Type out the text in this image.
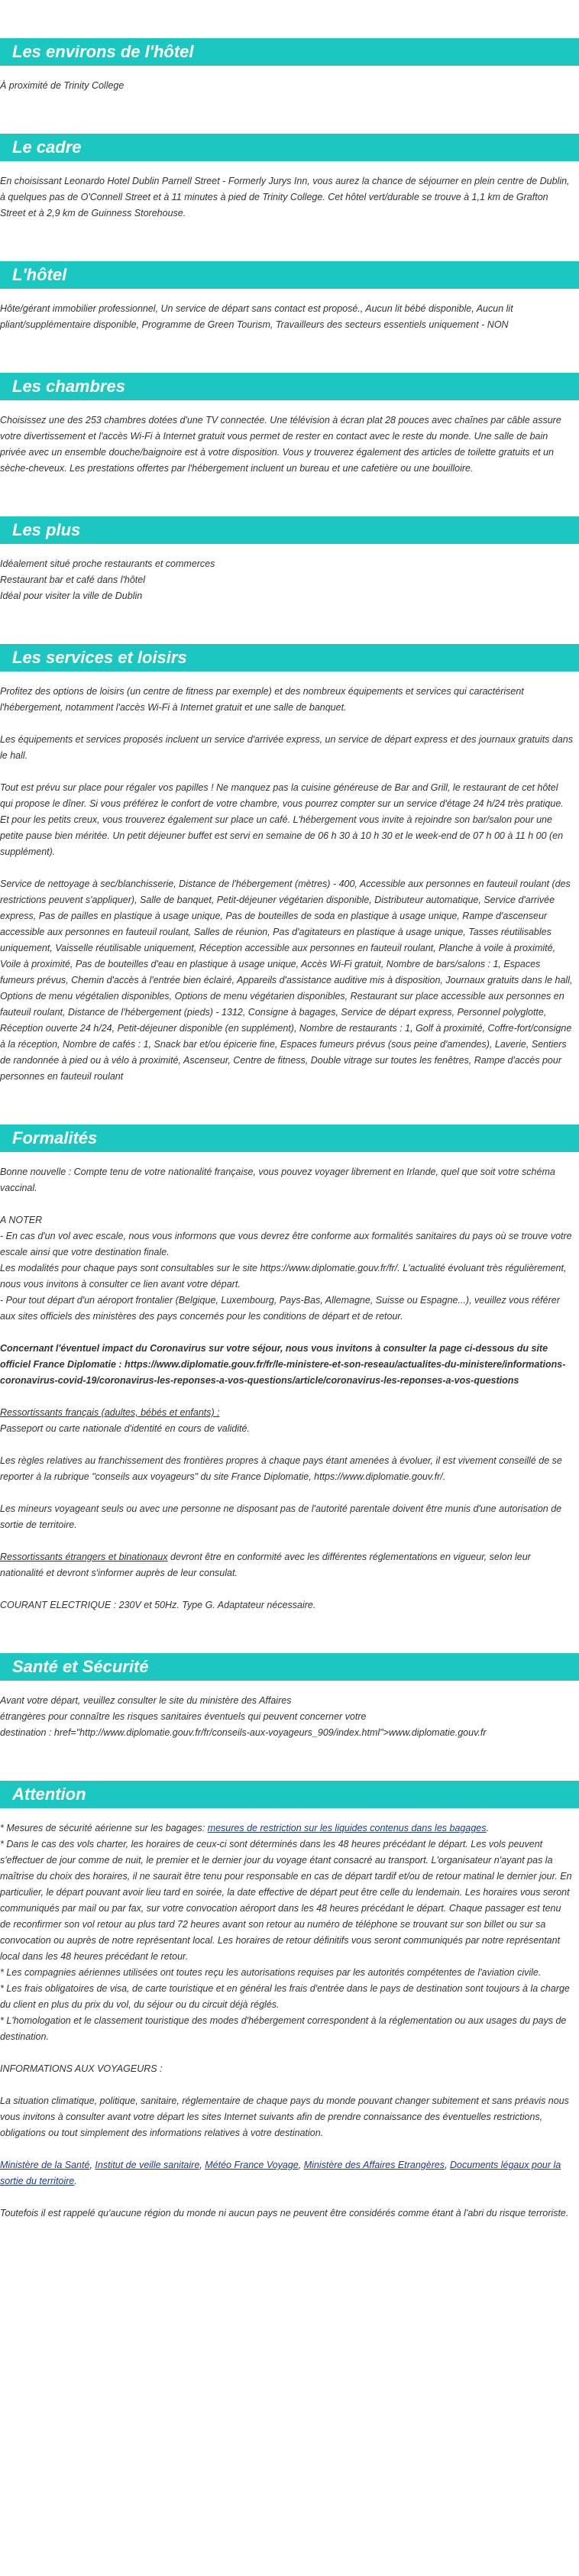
Les environs de l'hôtel

À proximité de Trinity College

Le cadre

En choisissant Leonardo Hotel Dublin Parnell Street - Formerly Jurys Inn, vous aurez la chance de séjourner en plein centre de Dublin, à quelques pas de O'Connell Street et à 11 minutes à pied de Trinity College. Cet hôtel vert/durable se trouve à 1,1 km de Grafton Street et à 2,9 km de Guinness Storehouse.

L'hôtel

Hôte/gérant immobilier professionnel, Un service de départ sans contact est proposé., Aucun lit bébé disponible, Aucun lit pliant/supplémentaire disponible, Programme de Green Tourism, Travailleurs des secteurs essentiels uniquement - NON

Les chambres

Choisissez une des 253 chambres dotées d'une TV connectée. Une télévision à écran plat 28 pouces avec chaînes par câble assure votre divertissement et l'accès Wi-Fi à Internet gratuit vous permet de rester en contact avec le reste du monde. Une salle de bain privée avec un ensemble douche/baignoire est à votre disposition. Vous y trouverez également des articles de toilette gratuits et un sèche-cheveux. Les prestations offertes par l'hébergement incluent un bureau et une cafetière ou une bouilloire.

Les plus
Idéalement situé proche restaurants et commerces
Restaurant bar et café dans l'hôtel
Idéal pour visiter la ville de Dublin
Les services et loisirs

Profitez des options de loisirs (un centre de fitness par exemple) et des nombreux équipements et services qui caractérisent l'hébergement, notamment l'accès Wi-Fi à Internet gratuit et une salle de banquet.

Les équipements et services proposés incluent un service d'arrivée express, un service de départ express et des journaux gratuits dans le hall.

Tout est prévu sur place pour régaler vos papilles ! Ne manquez pas la cuisine généreuse de Bar and Grill, le restaurant de cet hôtel qui propose le dîner. Si vous préférez le confort de votre chambre, vous pourrez compter sur un service d'étage 24 h/24 très pratique. Et pour les petits creux, vous trouverez également sur place un café. L'hébergement vous invite à rejoindre son bar/salon pour une petite pause bien méritée. Un petit déjeuner buffet est servi en semaine de 06 h 30 à 10 h 30 et le week-end de 07 h 00 à 11 h 00 (en supplément).

Service de nettoyage à sec/blanchisserie, Distance de l'hébergement (mètres) - 400, Accessible aux personnes en fauteuil roulant (des restrictions peuvent s'appliquer), Salle de banquet, Petit-déjeuner végétarien disponible, Distributeur automatique, Service d'arrivée express, Pas de pailles en plastique à usage unique, Pas de bouteilles de soda en plastique à usage unique, Rampe d'ascenseur accessible aux personnes en fauteuil roulant, Salles de réunion, Pas d'agitateurs en plastique à usage unique, Tasses réutilisables uniquement, Vaisselle réutilisable uniquement, Réception accessible aux personnes en fauteuil roulant, Planche à voile à proximité, Voile à proximité, Pas de bouteilles d'eau en plastique à usage unique, Accès Wi-Fi gratuit, Nombre de bars/salons : 1, Espaces fumeurs prévus, Chemin d'accès à l'entrée bien éclairé, Appareils d'assistance auditive mis à disposition, Journaux gratuits dans le hall, Options de menu végétalien disponibles, Options de menu végétarien disponibles, Restaurant sur place accessible aux personnes en fauteuil roulant, Distance de l'hébergement (pieds) - 1312, Consigne à bagages, Service de départ express, Personnel polyglotte, Réception ouverte 24 h/24, Petit-déjeuner disponible (en supplément), Nombre de restaurants : 1, Golf à proximité, Coffre-fort/consigne à la réception, Nombre de cafés : 1, Snack bar et/ou épicerie fine, Espaces fumeurs prévus (sous peine d'amendes), Laverie, Sentiers de randonnée à pied ou à vélo à proximité, Ascenseur, Centre de fitness, Double vitrage sur toutes les fenêtres, Rampe d'accès pour personnes en fauteuil roulant

Formalités

Bonne nouvelle : Compte tenu de votre nationalité française, vous pouvez voyager librement en Irlande, quel que soit votre schéma vaccinal.

A NOTER
- En cas d'un vol avec escale, nous vous informons que vous devrez être conforme aux formalités sanitaires du pays où se trouve votre escale ainsi que votre destination finale.
Les modalités pour chaque pays sont consultables sur le site https://www.diplomatie.gouv.fr/fr/. L'actualité évoluant très régulièrement, nous vous invitons à consulter ce lien avant votre départ.
- Pour tout départ d'un aéroport frontalier (Belgique, Luxembourg, Pays-Bas, Allemagne, Suisse ou Espagne...), veuillez vous référer aux sites officiels des ministères des pays concernés pour les conditions de départ et de retour.

Concernant l'éventuel impact du Coronavirus sur votre séjour, nous vous invitons à consulter la page ci-dessous du site officiel France Diplomatie : https://www.diplomatie.gouv.fr/fr/le-ministere-et-son-reseau/actualites-du-ministere/informations-coronavirus-covid-19/coronavirus-les-reponses-a-vos-questions/article/coronavirus-les-reponses-a-vos-questions

Ressortissants français (adultes, bébés et enfants) :
Passeport ou carte nationale d'identité en cours de validité.

Les règles relatives au franchissement des frontières propres à chaque pays étant amenées à évoluer, il est vivement conseillé de se reporter à la rubrique "conseils aux voyageurs" du site France Diplomatie, https://www.diplomatie.gouv.fr/.

Les mineurs voyageant seuls ou avec une personne ne disposant pas de l'autorité parentale doivent être munis d'une autorisation de sortie de territoire.

Ressortissants étrangers et binationaux devront être en conformité avec les différentes réglementations en vigueur, selon leur nationalité et devront s'informer auprès de leur consulat.

COURANT ELECTRIQUE : 230V et 50Hz. Type G. Adaptateur nécessaire.

Santé et Sécurité
Avant votre départ, veuillez consulter le site du ministère des Affaires
étrangères pour connaître les risques sanitaires éventuels qui peuvent concerner votre
destination : href="http://www.diplomatie.gouv.fr/fr/conseils-aux-voyageurs_909/index.html">www.diplomatie.gouv.fr
Attention

* Mesures de sécurité aérienne sur les bagages: mesures de restriction sur les liquides contenus dans les bagages.
* Dans le cas des vols charter, les horaires de ceux-ci sont déterminés dans les 48 heures précédant le départ. Les vols peuvent s'effectuer de jour comme de nuit, le premier et le dernier jour du voyage étant consacré au transport. L'organisateur n'ayant pas la maîtrise du choix des horaires, il ne saurait être tenu pour responsable en cas de départ tardif et/ou de retour matinal le dernier jour. En particulier, le départ pouvant avoir lieu tard en soirée, la date effective de départ peut être celle du lendemain. Les horaires vous seront communiqués par mail ou par fax, sur votre convocation aéroport dans les 48 heures précédant le départ. Chaque passager est tenu de reconfirmer son vol retour au plus tard 72 heures avant son retour au numéro de téléphone se trouvant sur son billet ou sur sa convocation ou auprès de notre représentant local. Les horaires de retour définitifs vous seront communiqués par notre représentant local dans les 48 heures précédant le retour.
* Les compagnies aériennes utilisées ont toutes reçu les autorisations requises par les autorités compétentes de l'aviation civile.
* Les frais obligatoires de visa, de carte touristique et en général les frais d'entrée dans le pays de destination sont toujours à la charge du client en plus du prix du vol, du séjour ou du circuit déjà réglés.
* L'homologation et le classement touristique des modes d'hébergement correspondent à la réglementation ou aux usages du pays de destination.

INFORMATIONS AUX VOYAGEURS :

La situation climatique, politique, sanitaire, réglementaire de chaque pays du monde pouvant changer subitement et sans préavis nous vous invitons à consulter avant votre départ les sites Internet suivants afin de prendre connaissance des éventuelles restrictions, obligations ou tout simplement des informations relatives à votre destination.

Ministère de la Santé, Institut de veille sanitaire, Météo France Voyage, Ministère des Affaires Etrangères, Documents légaux pour la sortie du territoire.

Toutefois il est rappelé qu'aucune région du monde ni aucun pays ne peuvent être considérés comme étant à l'abri du risque terroriste.
